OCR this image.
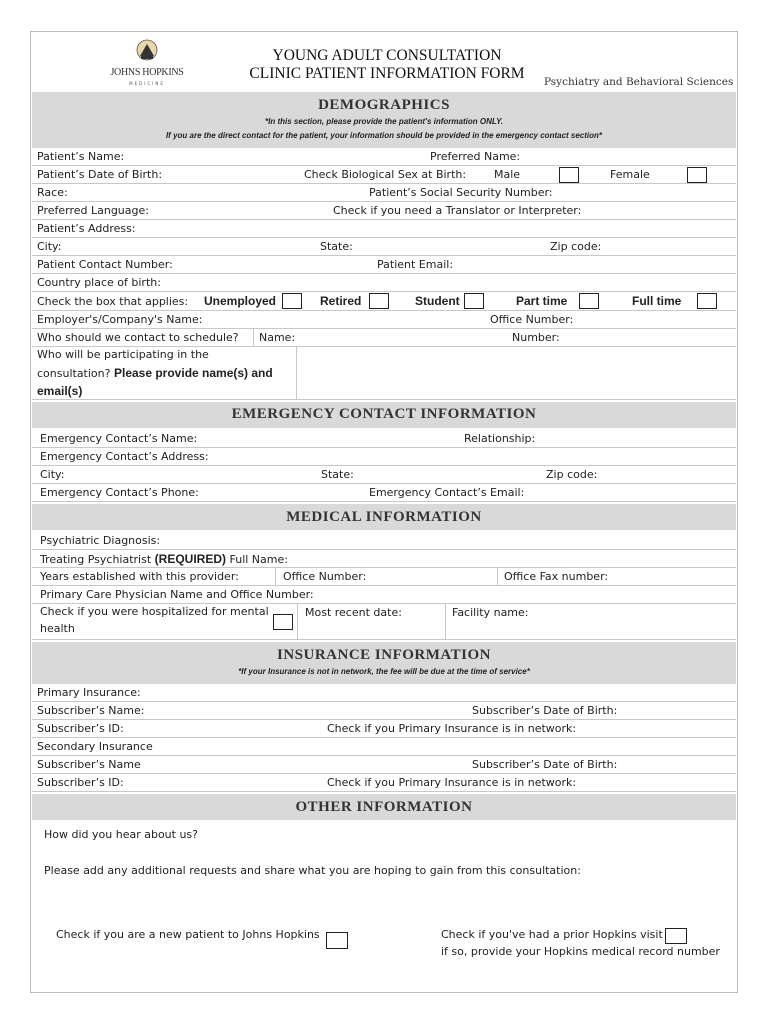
JOHNS HOPKINS
MEDICINE
YOUNG ADULT CONSULTATION
CLINIC PATIENT INFORMATION FORM	Psychiatry and Behavioral Sciences
DEMOGRAPHICS
*In this section, please provide the patient's information ONLY.
If you are the direct contact for the patient, your information should be provided in the emergency contact section*
Patient’s Name:	Preferred Name:
Patient’s Date of Birth:	Check Biological Sex at Birth:	Male	Female
Race:	Patient’s Social Security Number:
Preferred Language:	Check if you need a Translator or Interpreter:
Patient’s Address:
City:	State:	Zip code:
Patient Contact Number:	Patient Email:
Country place of birth:
Check the box that applies: Unemployed	Retired	Student	Part time	Full time
Employer's/Company's Name:	Office Number:
Who should we contact to schedule? Name:	Number:
Who will be participating in the
consultation? Please provide name(s) and
email(s)
EMERGENCY CONTACT INFORMATION
Emergency Contact’s Name:	Relationship:
Emergency Contact’s Address:
City:	State:	Zip code:
Emergency Contact’s Phone:	Emergency Contact’s Email:
MEDICAL INFORMATION
Psychiatric Diagnosis:
Treating Psychiatrist (REQUIRED) Full Name:
Years established with this provider:	Office Number:	Office Fax number:
Primary Care Physician Name and Office Number:
Check if you were hospitalized for mental
health
Most recent date:	Facility name:
INSURANCE INFORMATION
*If your Insurance is not in network, the fee will be due at the time of service*
Primary Insurance:
Subscriber’s Name:	Subscriber’s Date of Birth:
Subscriber’s ID:	Check if you Primary Insurance is in network:
Secondary Insurance
Subscriber’s Name	Subscriber’s Date of Birth:
Subscriber’s ID:	Check if you Primary Insurance is in network:
OTHER INFORMATION
How did you hear about us?
Please add any additional requests and share what you are hoping to gain from this consultation:
Check if you are a new patient to Johns Hopkins	Check if you've had a prior Hopkins visit
if so, provide your Hopkins medical record number
